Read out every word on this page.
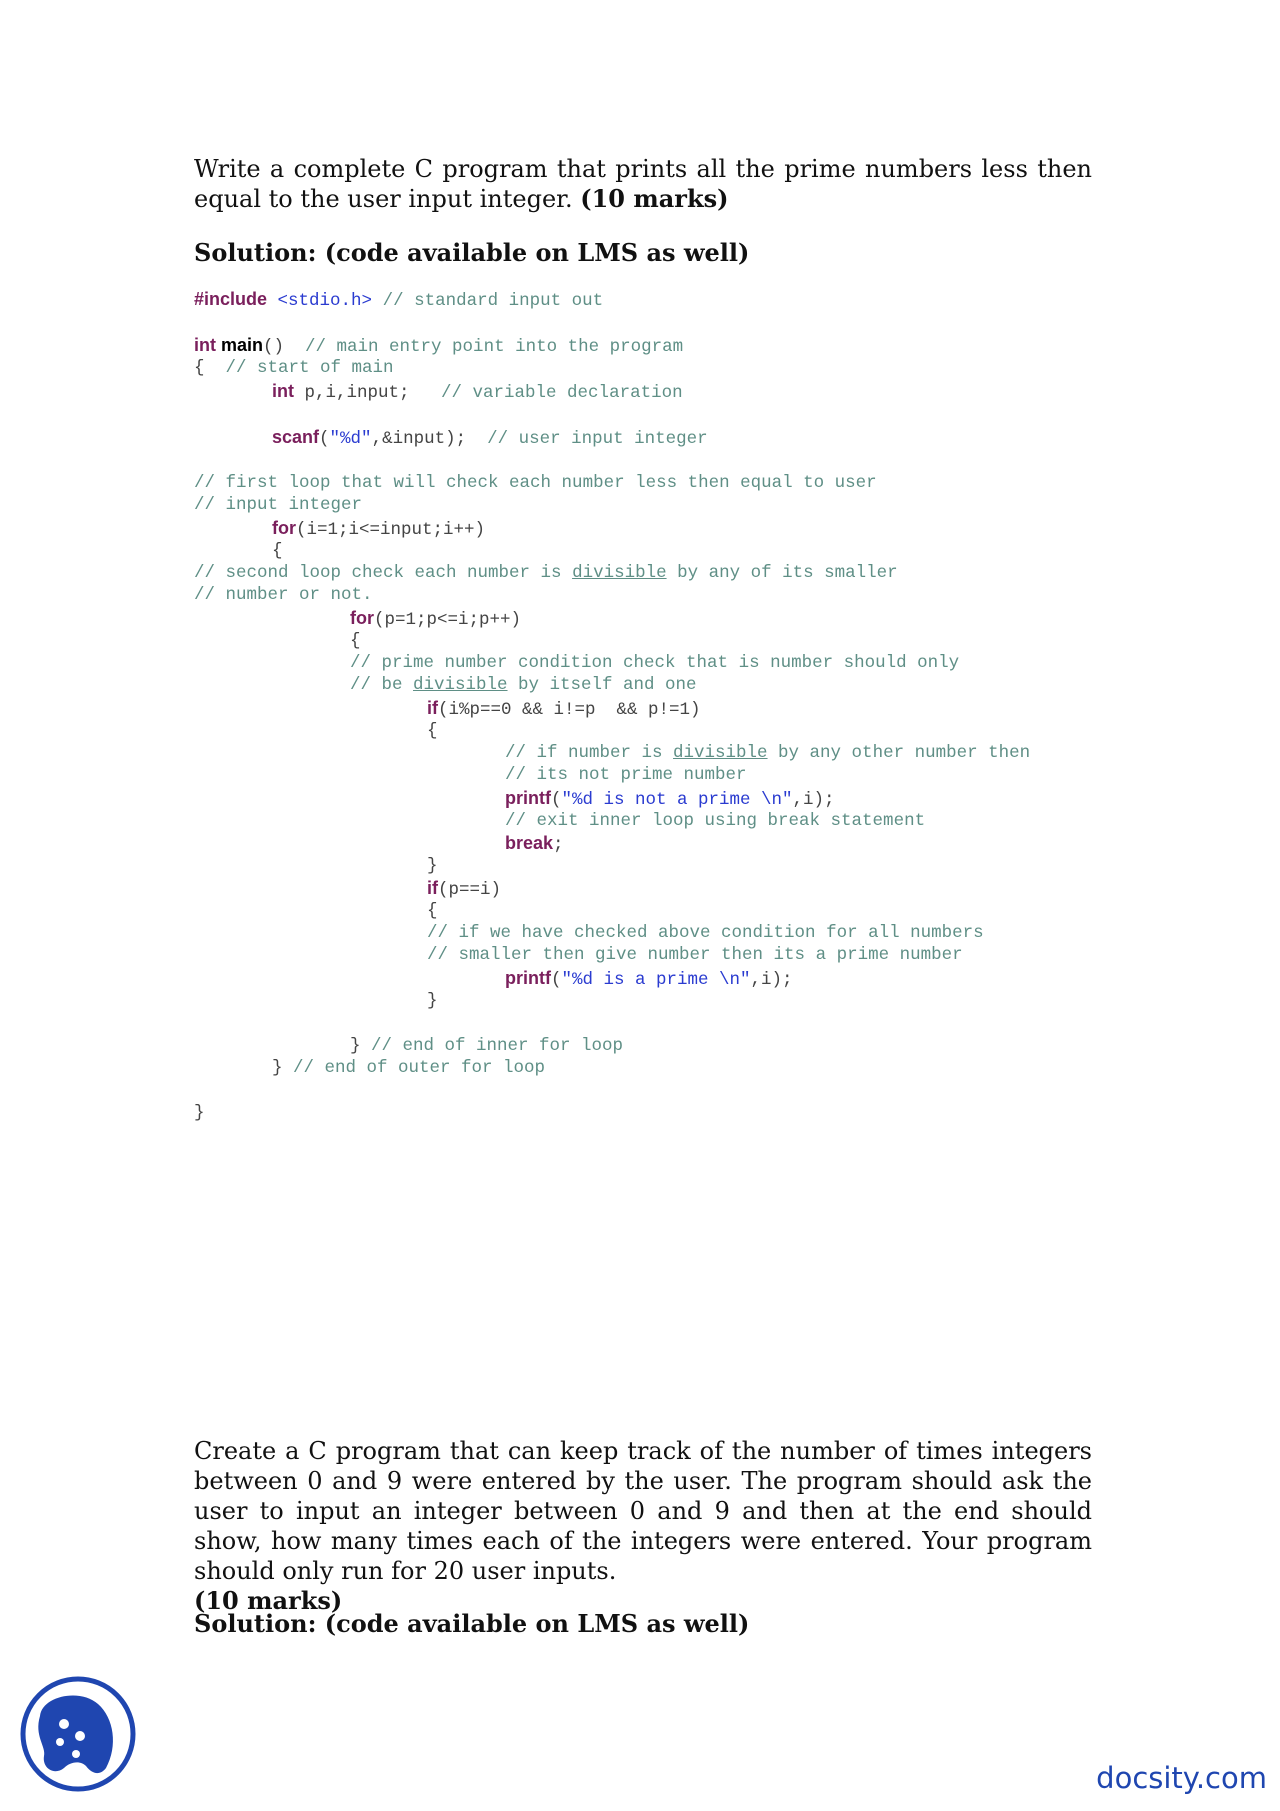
Write a complete C program that prints all the prime numbers less then equal to the user input integer. (10 marks)
Solution: (code available on LMS as well)
#include <stdio.h> // standard input out
int main()  // main entry point into the program
{  // start of main
int p,i,input;   // variable declaration
scanf("%d",&input);  // user input integer
// first loop that will check each number less then equal to user
// input integer
for(i=1;i<=input;i++)
{
// second loop check each number is divisible by any of its smaller
// number or not.
for(p=1;p<=i;p++)
{
// prime number condition check that is number should only
// be divisible by itself and one
if(i%p==0 && i!=p  && p!=1)
{
// if number is divisible by any other number then
// its not prime number
printf("%d is not a prime \n",i);
// exit inner loop using break statement
break;
}
if(p==i)
{
// if we have checked above condition for all numbers
// smaller then give number then its a prime number
printf("%d is a prime \n",i);
}
} // end of inner for loop
} // end of outer for loop
}
Create a C program that can keep track of the number of times integers between 0 and 9 were entered by the user. The program should ask the user to input an integer between 0 and 9 and then at the end should show, how many times each of the integers were entered. Your program should only run for 20 user inputs.
(10 marks)
Solution: (code available on LMS as well)
docsity.com
